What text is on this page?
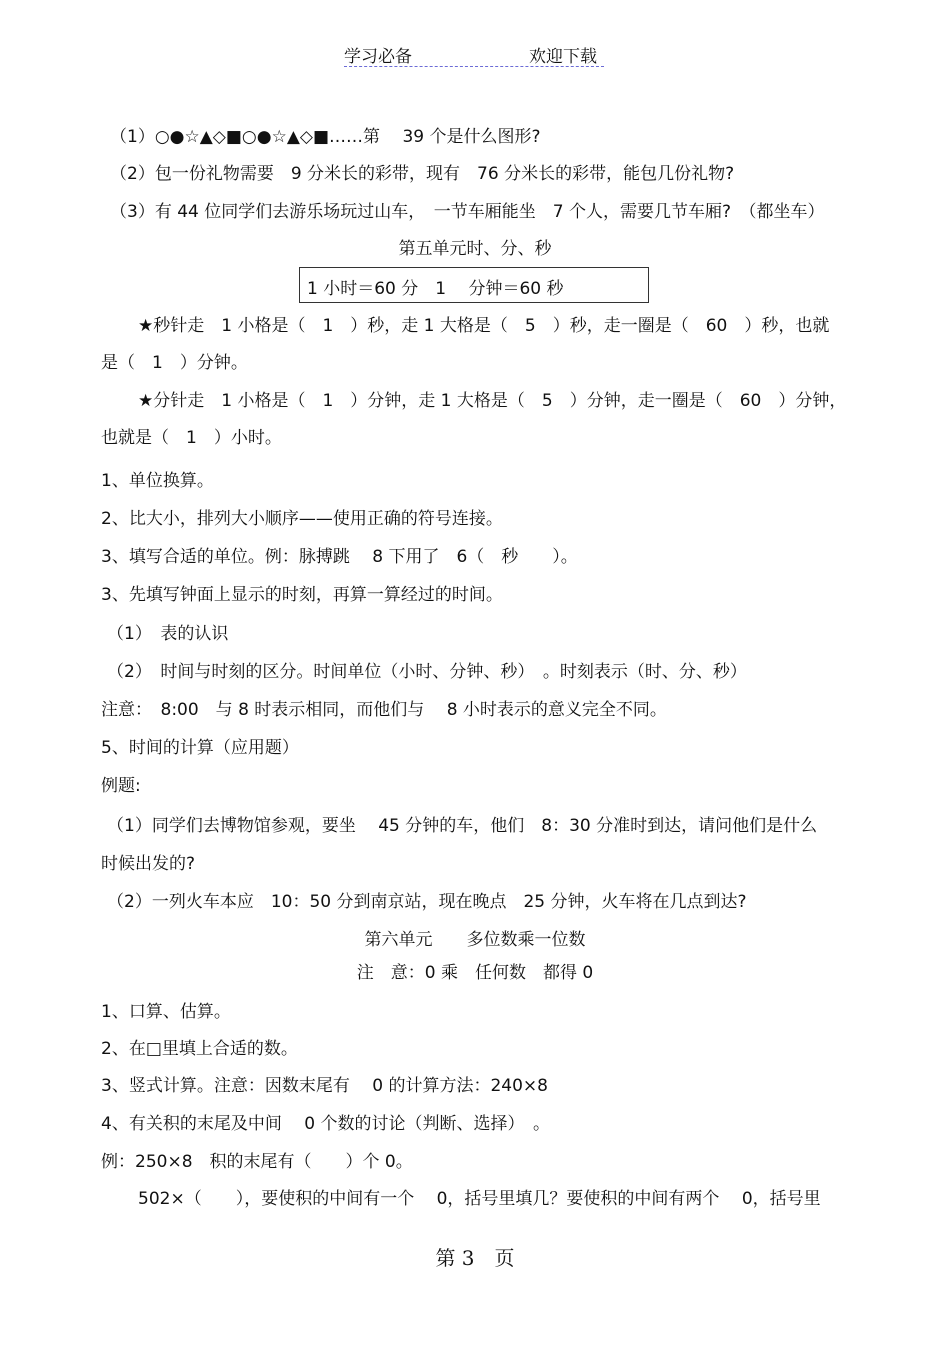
学习必备	欢迎下载
（1）○●☆▲◇■○●☆▲◇■……第　 39 个是什么图形?
（2）包一份礼物需要　9 分米长的彩带，现有　76 分米长的彩带，能包几份礼物?
（3）有 44 位同学们去游乐场玩过山车，　一节车厢能坐　7 个人，需要几节车厢?　（都坐车）
第五单元时、分、秒
1 小时＝60 分　1　 分钟＝60 秒
★秒针走　1 小格是（　1　）秒，走 1 大格是（　5　）秒，走一圈是（　60　）秒，也就
是（　1　）分钟。
★分针走　1 小格是（　1　）分钟，走 1 大格是（　5　）分钟，走一圈是（　60　）分钟，
也就是（　1　）小时。
1、单位换算。
2、比大小，排列大小顺序——使用正确的符号连接。
3、填写合适的单位。例：脉搏跳　 8 下用了　6（　秒　　）。
3、先填写钟面上显示的时刻，再算一算经过的时间。
（1）　表的认识
（2）　时间与时刻的区分。时间单位（小时、分钟、秒）　。时刻表示（时、分、秒）
注意：　8:00　与 8 时表示相同，而他们与　 8 小时表示的意义完全不同。
5、时间的计算（应用题）
例题:
（1）同学们去博物馆参观，要坐　 45 分钟的车，他们　8：30 分准时到达，请问他们是什么
时候出发的?
（2）一列火车本应　10：50 分到南京站，现在晚点　25 分钟，火车将在几点到达?
第六单元　　多位数乘一位数
注　意：0 乘　任何数　都得 0
1、口算、估算。
2、在□里填上合适的数。
3、竖式计算。注意：因数末尾有　 0 的计算方法：240×8
4、有关积的末尾及中间　 0 个数的讨论（判断、选择）　。
例：250×8　积的末尾有（　　）个 0。
502×（　　），要使积的中间有一个　 0，括号里填几？要使积的中间有两个　 0，括号里
第 3　页
